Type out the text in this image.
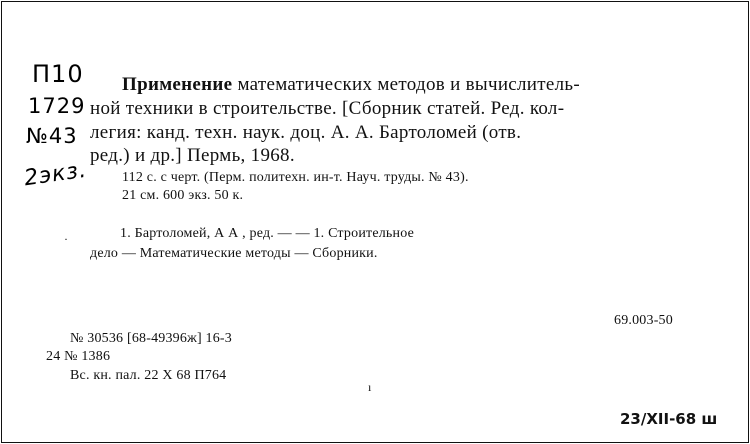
П10
1729
№43
2экз.
Применение математических методов и вычислитель-
ной техники в строительстве. [Сборник статей. Ред. кол-
легия: канд. техн. наук. доц. А. А. Бартоломей (отв.
ред.) и др.] Пермь, 1968.
112 с. с черт. (Перм. политехн. ин-т. Науч. труды. № 43).
21 см. 600 экз. 50 к.
1. Бартоломей, А А , ред. — — 1. Строительное
дело — Математические методы — Сборники.
69.003-50
№ 30536 [68-49396ж] 16-3
24 № 1386
Вс. кн. пал. 22 X 68 П764
·
ı
23/XII-68 ш
